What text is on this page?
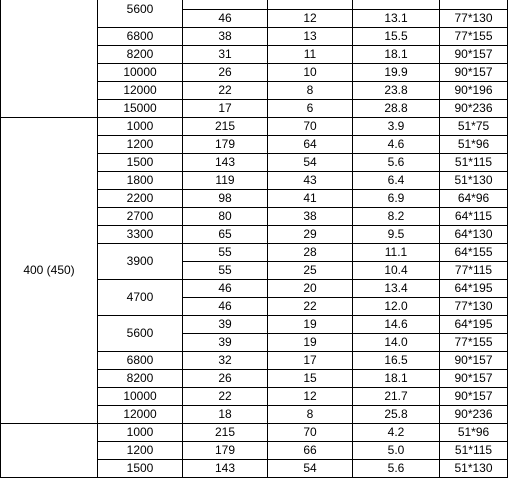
	5600				
		46	12	13.1	77*130
	6800	38	13	15.5	77*155
	8200	31	11	18.1	90*157
	10000	26	10	19.9	90*157
	12000	22	8	23.8	90*196
	15000	17	6	28.8	90*236
400 (450)	1000	215	70	3.9	51*75
	1200	179	64	4.6	51*96
	1500	143	54	5.6	51*115
	1800	119	43	6.4	51*130
	2200	98	41	6.9	64*96
	2700	80	38	8.2	64*115
	3300	65	29	9.5	64*130
	3900	55	28	11.1	64*155
		55	25	10.4	77*115
	4700	46	20	13.4	64*195
		46	22	12.0	77*130
	5600	39	19	14.6	64*195
		39	19	14.0	77*155
	6800	32	17	16.5	90*157
	8200	26	15	18.1	90*157
	10000	22	12	21.7	90*157
	12000	18	8	25.8	90*236
	1000	215	70	4.2	51*96
	1200	179	66	5.0	51*115
	1500	143	54	5.6	51*130
